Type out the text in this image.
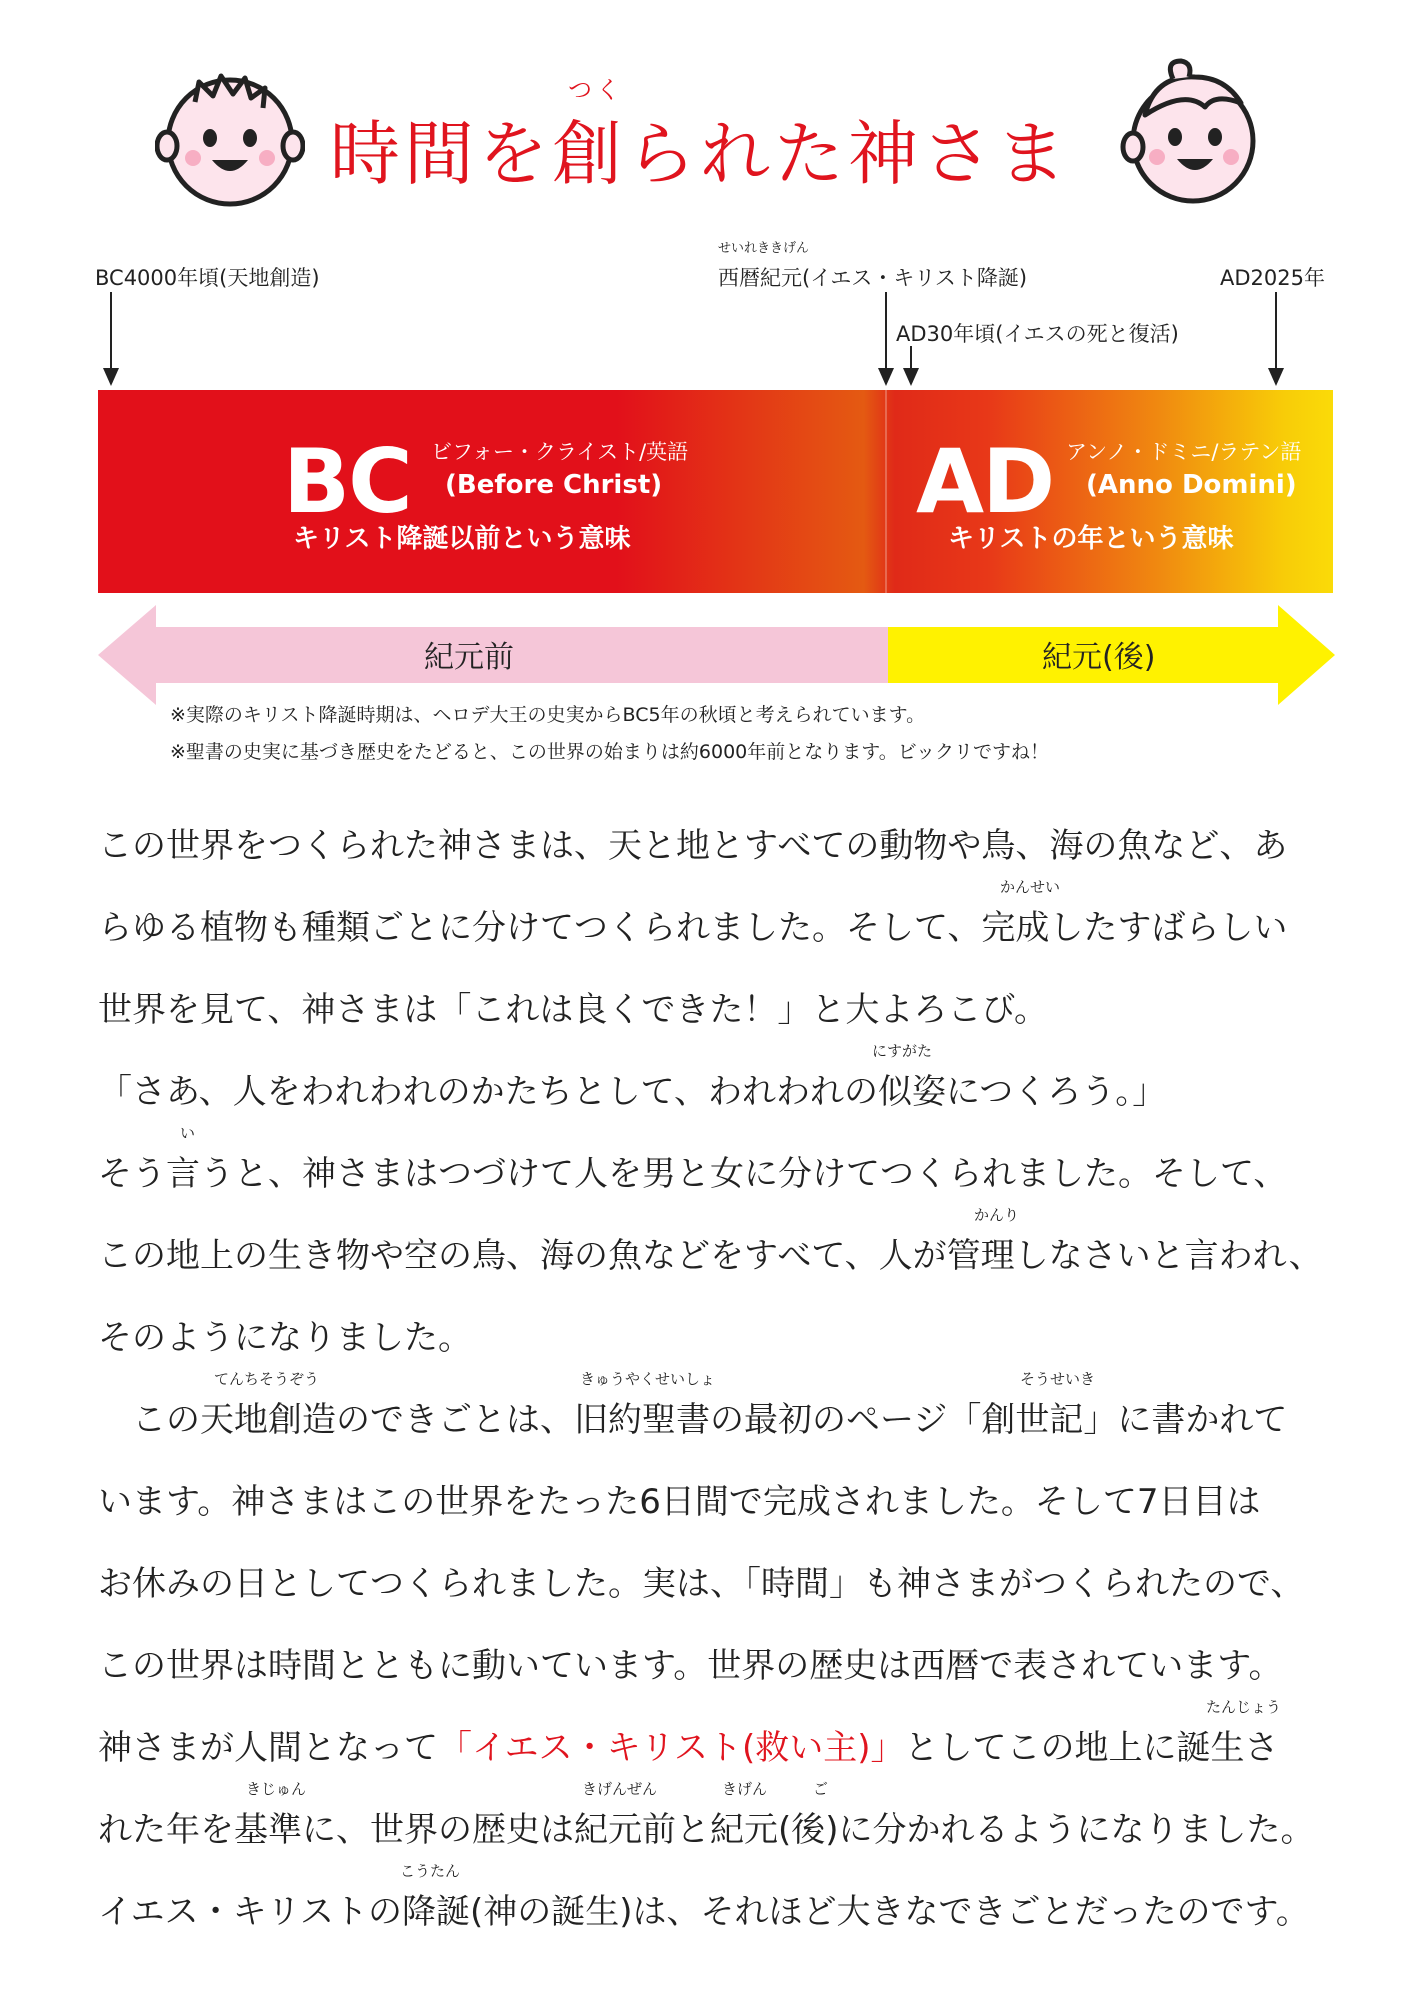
つく
時間を創られた神さま
BC4000年頃(天地創造)
せいれききげん
西暦紀元(イエス・キリスト降誕)	AD2025年
AD30年頃(イエスの死と復活)
BC ビフォー・クライスト/英語
(Before Christ)
キリスト降誕以前という意味
AD アンノ・ドミニ/ラテン語
(Anno Domini)
キリストの年という意味
紀元前	紀元(後)
※実際のキリスト降誕時期は、ヘロデ大王の史実からBC5年の秋頃と考えられています。
※聖書の史実に基づき歴史をたどると、この世界の始まりは約6000年前となります。ビックリですね！
かんせい
にすがた
い
かんり
てんちそうぞう	きゅうやくせいしょ	そうせいき
たんじょう
きじゅん	きげんぜん	きげん	ご
こうたん
この世界をつくられた神さまは、天と地とすべての動物や鳥、海の魚など、あ
らゆる植物も種類ごとに分けてつくられました。そして、完成したすばらしい
世界を見て、神さまは「これは良くできた！」と大よろこび。
「さあ、人をわれわれのかたちとして、われわれの似姿につくろう。」
そう言うと、神さまはつづけて人を男と女に分けてつくられました。そして、
この地上の生き物や空の鳥、海の魚などをすべて、人が管理しなさいと言われ、
そのようになりました。
　この天地創造のできごとは、旧約聖書の最初のページ「創世記」に書かれて
います。神さまはこの世界をたった6日間で完成されました。そして7日目は
お休みの日としてつくられました。実は、「時間」も神さまがつくられたので、
この世界は時間とともに動いています。世界の歴史は西暦で表されています。
神さまが人間となって「イエス・キリスト(救い主)」としてこの地上に誕生さ
れた年を基準に、世界の歴史は紀元前と紀元(後)に分かれるようになりました。
イエス・キリストの降誕(神の誕生)は、それほど大きなできごとだったのです。
